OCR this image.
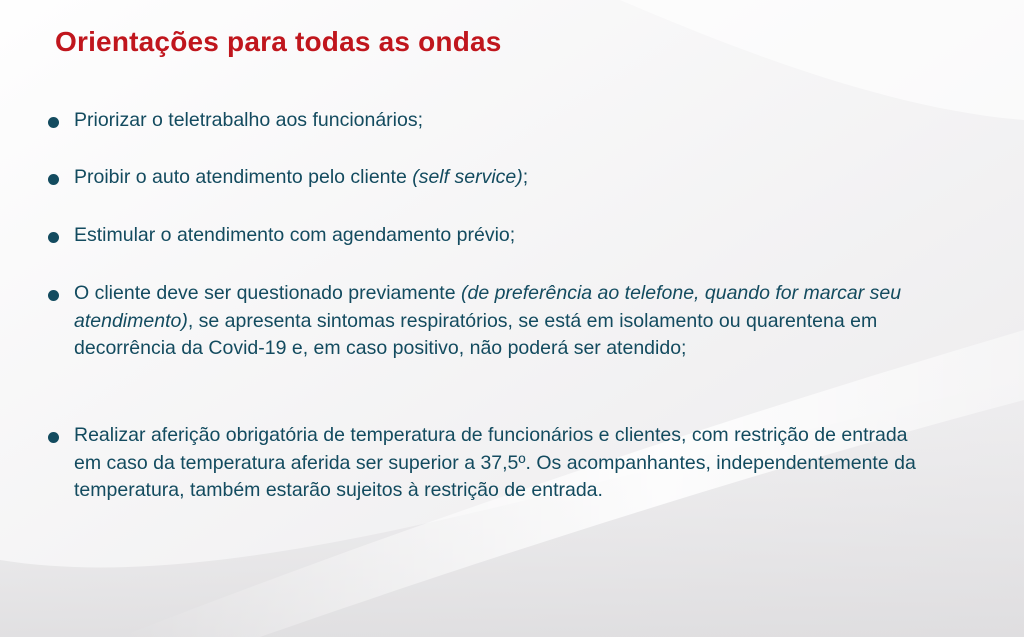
Orientações para todas as ondas
Priorizar o teletrabalho aos funcionários;
Proibir o auto atendimento pelo cliente (self service);
Estimular o atendimento com agendamento prévio;
O cliente deve ser questionado previamente (de preferência ao telefone, quando for marcar seu atendimento), se apresenta sintomas respiratórios, se está em isolamento ou quarentena em decorrência da Covid-19 e, em caso positivo, não poderá ser atendido;
Realizar aferição obrigatória de temperatura de funcionários e clientes, com restrição de entrada em caso da temperatura aferida ser superior a 37,5º. Os acompanhantes, independentemente da temperatura, também estarão sujeitos à restrição de entrada.
